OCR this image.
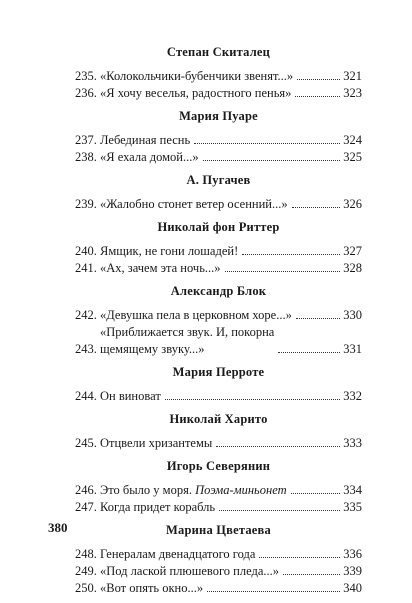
Степан Скиталец
235. «Колокольчики-бубенчики звенят...»	321
236. «Я хочу веселья, радостного пенья»	323
Мария Пуаре
237. Лебединая песнь	324
238. «Я ехала домой...»	325
А. Пугачев
239. «Жалобно стонет ветер осенний...»	326
Николай фон Риттер
240. Ямщик, не гони лошадей!	327
241. «Ах, зачем эта ночь...»	328
Александр Блок
242. «Девушка пела в церковном хоре...»	330
243.
«Приближается звук. И, покорна
щемящему звуку...»	331
Мария Перроте
244. Он виноват	332
Николай Харито
245. Отцвели хризантемы	333
Игорь Северянин
246. Это было у моря. Поэма-миньонет	334
247. Когда придет корабль	335
Марина Цветаева
248. Генералам двенадцатого года	336
249. «Под лаской плюшевого пледа...»	339
250. «Вот опять окно...»	340
380
